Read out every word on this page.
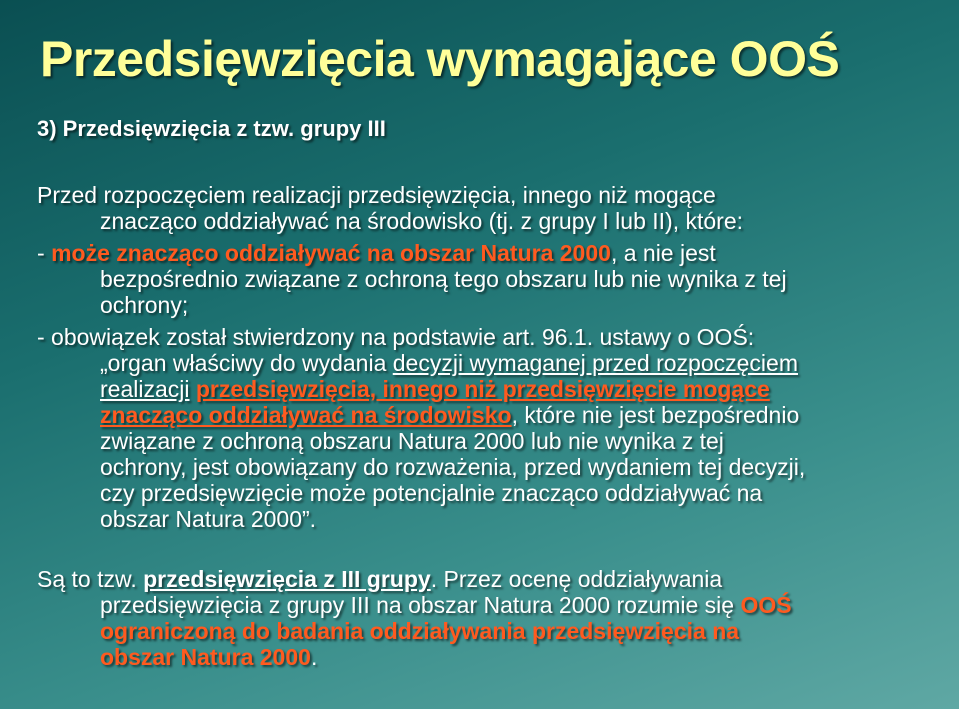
Przedsięwzięcia wymagające OOŚ
3) Przedsięwzięcia z tzw. grupy III
Przed rozpoczęciem realizacji przedsięwzięcia, innego niż mogące
znacząco oddziaływać na środowisko (tj. z grupy I lub II), które:
- może znacząco oddziaływać na obszar Natura 2000, a nie jest
bezpośrednio związane z ochroną tego obszaru lub nie wynika z tej
ochrony;
- obowiązek został stwierdzony na podstawie art. 96.1. ustawy o OOŚ:
„organ właściwy do wydania decyzji wymaganej przed rozpoczęciem
realizacji przedsięwzięcia, innego niż przedsięwzięcie mogące
znacząco oddziaływać na środowisko, które nie jest bezpośrednio
związane z ochroną obszaru Natura 2000 lub nie wynika z tej
ochrony, jest obowiązany do rozważenia, przed wydaniem tej decyzji,
czy przedsięwzięcie może potencjalnie znacząco oddziaływać na
obszar Natura 2000”.
Są to tzw. przedsięwzięcia z III grupy. Przez ocenę oddziaływania
przedsięwzięcia z grupy III na obszar Natura 2000 rozumie się OOŚ
ograniczoną do badania oddziaływania przedsięwzięcia na
obszar Natura 2000.
